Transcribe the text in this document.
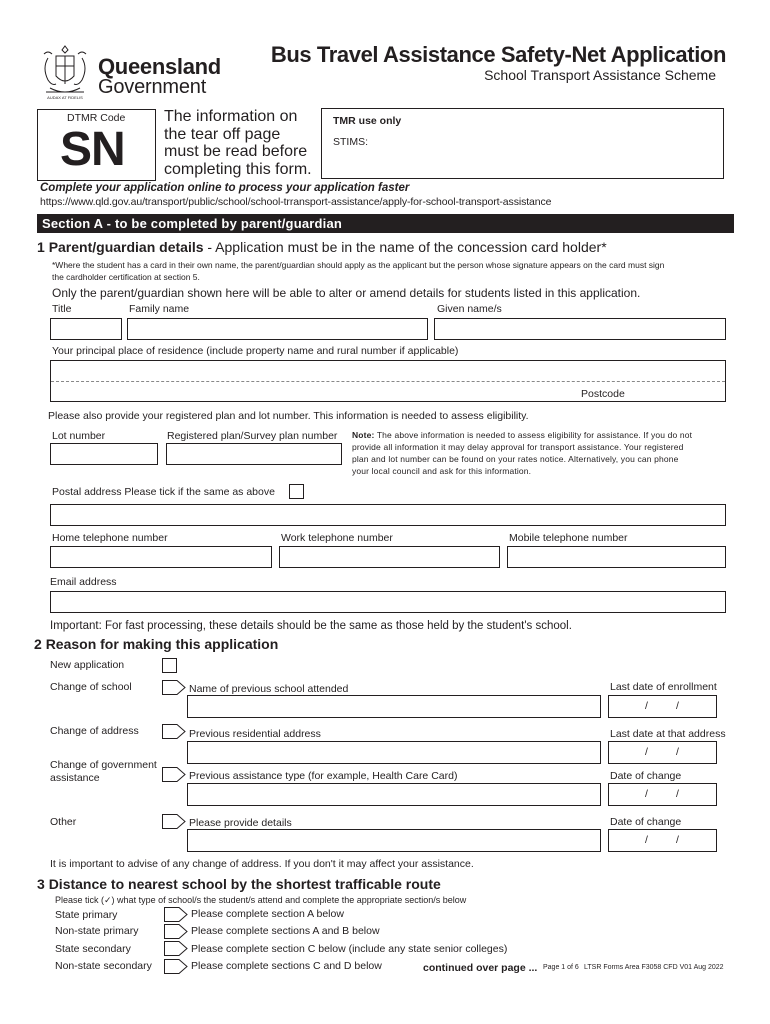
AUDAX AT FIDELIS
Queensland
Government
Bus Travel Assistance Safety-Net Application
School Transport Assistance Scheme
DTMR Code
SN
The information on
the tear off page
must be read before
completing this form.
TMR use only
STIMS:
Complete your application online to process your application faster
https://www.qld.gov.au/transport/public/school/school-trransport-assistance/apply-for-school-transport-assistance
Section A - to be completed by parent/guardian
1 Parent/guardian details - Application must be in the name of the concession card holder*
*Where the student has a card in their own name, the parent/guardian should apply as the applicant but the person whose signature appears on the card must sign
the cardholder certification at section 5.
Only the parent/guardian shown here will be able to alter or amend details for students listed in this application.
Title	Family name	Given name/s
Your principal place of residence (include property name and rural number if applicable)
Postcode
Please also provide your registered plan and lot number. This information is needed to assess eligibility.
Lot number	Registered plan/Survey plan number Note: The above information is needed to assess eligibility for assistance. If you do not
provide all information it may delay approval for transport assistance. Your registered
plan and lot number can be found on your rates notice. Alternatively, you can phone
your local council and ask for this information.
Postal address Please tick if the same as above
Home telephone number	Work telephone number	Mobile telephone number
Email address
Important: For fast processing, these details should be the same as those held by the student's school.
2 Reason for making this application
New application
Change of school	Name of previous school attended	Last date of enrollment
/	/
Change of address	Previous residential address	Last date at that address
/	/
Change of government
assistance	Previous assistance type (for example, Health Care Card)	Date of change
/	/
Other	Please provide details	Date of change
/	/
It is important to advise of any change of address. If you don't it may affect your assistance.
3 Distance to nearest school by the shortest trafficable route
Please tick (✓) what type of school/s the student/s attend and complete the appropriate section/s below
State primary	Please complete section A below
Non-state primary	Please complete sections A and B below
State secondary	Please complete section C below (include any state senior colleges)
Non-state secondary	Please complete sections C and D below	continued over page ... Page 1 of 6 LTSR Forms Area F3058 CFD V01 Aug 2022
